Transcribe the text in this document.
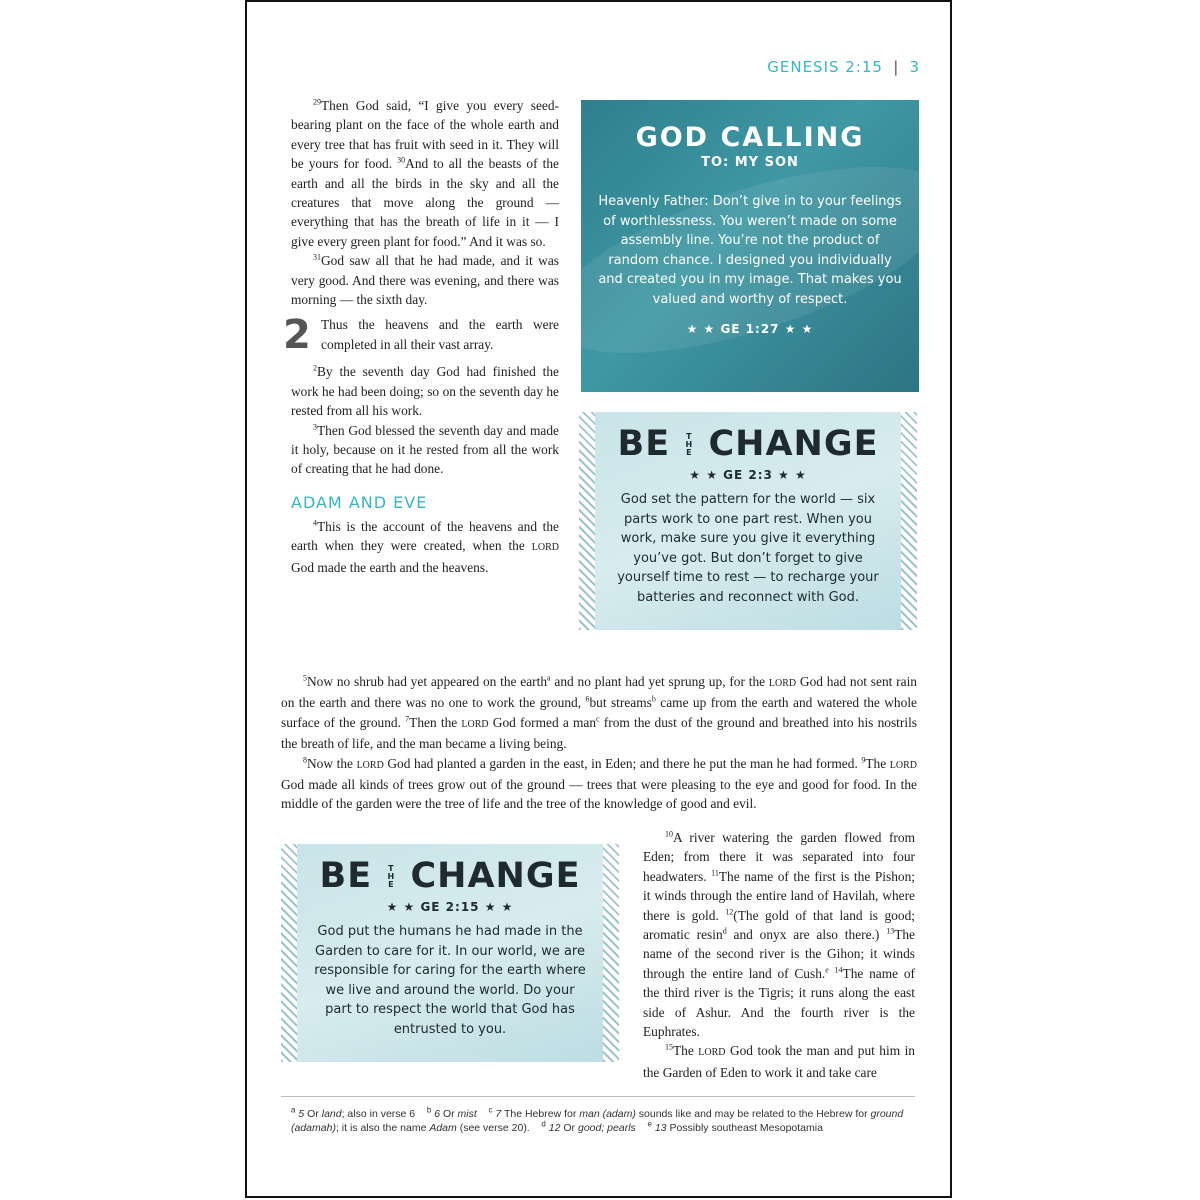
GENESIS 2:15 | 3

$^{29}$Then God said, “I give you every seed-bearing plant on the face of the whole earth and every tree that has fruit with seed in it. They will be yours for food. $^{30}$And to all the beasts of the earth and all the birds in the sky and all the creatures that move along the ground — everything that has the breath of life in it — I give every green plant for food.” And it was so.

$^{31}$God saw all that he had made, and it was very good. And there was evening, and there was morning — the sixth day.

2 Thus the heavens and the earth were completed in all their vast array.

$^2$By the seventh day God had finished the work he had been doing; so on the seventh day he rested from all his work.

$^3$Then God blessed the seventh day and made it holy, because on it he rested from all the work of creating that he had done.

ADAM AND EVE

$^4$This is the account of the heavens and the earth when they were created, when the LORD God made the earth and the heavens.

GOD CALLING
TO: MY SON
Heavenly Father: Don’t give in to your feelings of worthlessness. You weren’t made on some assembly line. You’re not the product of random chance. I designed you individually and created you in my image. That makes you valued and worthy of respect.
★ ★ GE 1:27 ★ ★
BE THE CHANGE
★ ★ GE 2:3 ★ ★
God set the pattern for the world — six parts work to one part rest. When you work, make sure you give it everything you’ve got. But don’t forget to give yourself time to rest — to recharge your batteries and reconnect with God.

$^5$Now no shrub had yet appeared on the earth$^a$ and no plant had yet sprung up, for the LORD God had not sent rain on the earth and there was no one to work the ground, $^6$but streams$^b$ came up from the earth and watered the whole surface of the ground. $^7$Then the LORD God formed a man$^c$ from the dust of the ground and breathed into his nostrils the breath of life, and the man became a living being.

$^8$Now the LORD God had planted a garden in the east, in Eden; and there he put the man he had formed. $^9$The LORD God made all kinds of trees grow out of the ground — trees that were pleasing to the eye and good for food. In the middle of the garden were the tree of life and the tree of the knowledge of good and evil.

BE THE CHANGE
★ ★ GE 2:15 ★ ★
God put the humans he had made in the Garden to care for it. In our world, we are responsible for caring for the earth where we live and around the world. Do your part to respect the world that God has entrusted to you.

$^{10}$A river watering the garden flowed from Eden; from there it was separated into four headwaters. $^{11}$The name of the first is the Pishon; it winds through the entire land of Havilah, where there is gold. $^{12}$(The gold of that land is good; aromatic resin$^d$ and onyx are also there.) $^{13}$The name of the second river is the Gihon; it winds through the entire land of Cush.$^e$ $^{14}$The name of the third river is the Tigris; it runs along the east side of Ashur. And the fourth river is the Euphrates.

$^{15}$The LORD God took the man and put him in the Garden of Eden to work it and take care

$^a$ 5 Or land; also in verse 6 $^b$ 6 Or mist $^c$ 7 The Hebrew for man (adam) sounds like and may be related to the Hebrew for ground (adamah); it is also the name Adam (see verse 20). $^d$ 12 Or good; pearls $^e$ 13 Possibly southeast Mesopotamia
